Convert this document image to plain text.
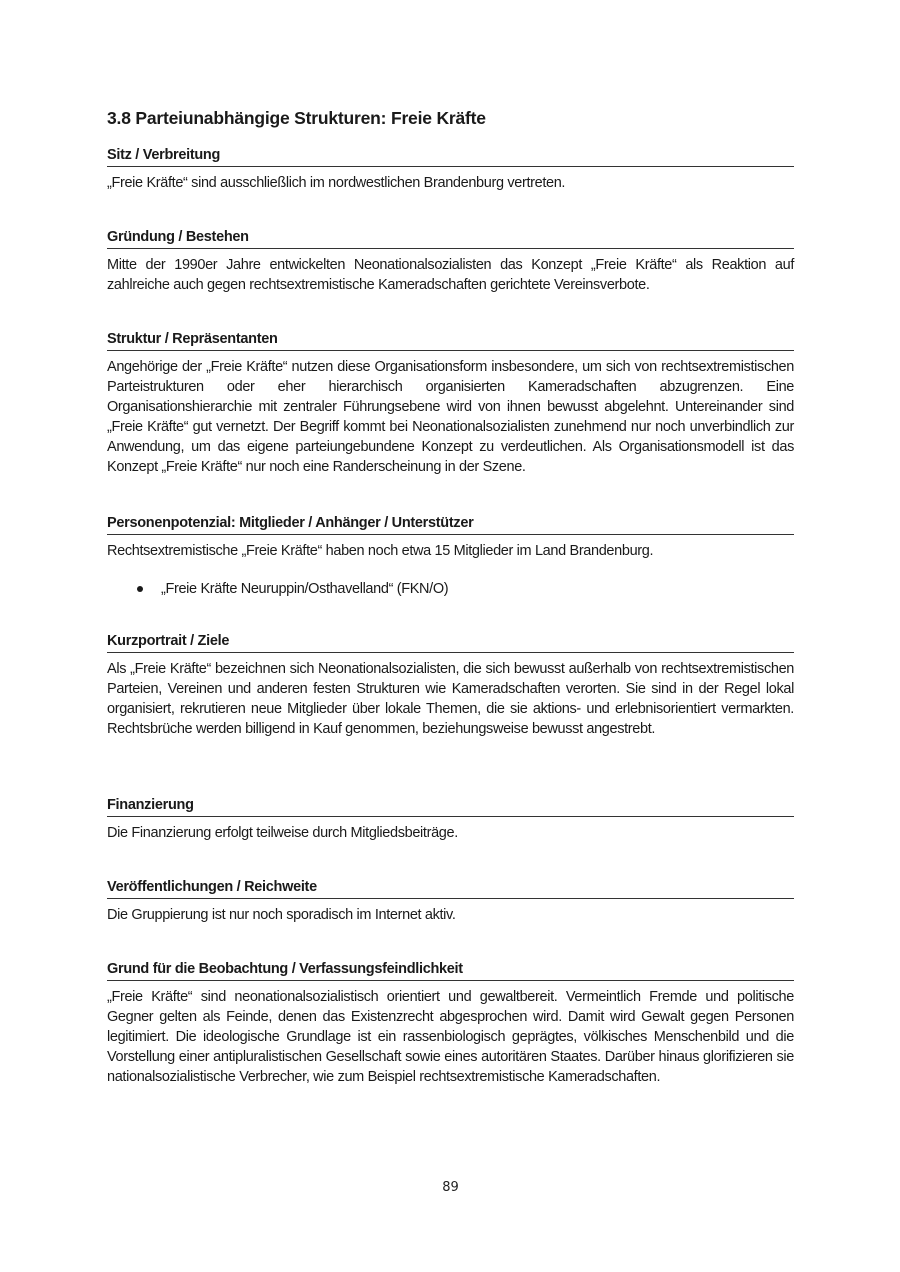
3.8 Parteiunabhängige Strukturen: Freie Kräfte
Sitz / Verbreitung

„Freie Kräfte“ sind ausschließlich im nordwestlichen Brandenburg vertreten.

Gründung / Bestehen

Mitte der 1990er Jahre entwickelten Neonationalsozialisten das Konzept „Freie Kräfte“ als Reaktion auf zahlreiche auch gegen rechtsextremistische Kameradschaften gerichtete Vereinsverbote.

Struktur / Repräsentanten

Angehörige der „Freie Kräfte“ nutzen diese Organisationsform insbesondere, um sich von rechtsextremistischen Parteistrukturen oder eher hierarchisch organisierten Kameradschaften abzugrenzen. Eine Organisationshierarchie mit zentraler Führungsebene wird von ihnen bewusst abgelehnt. Untereinander sind „Freie Kräfte“ gut vernetzt. Der Begriff kommt bei Neonationalsozialisten zunehmend nur noch unverbindlich zur Anwendung, um das eigene parteiungebundene Konzept zu verdeutlichen. Als Organisationsmodell ist das Konzept „Freie Kräfte“ nur noch eine Randerscheinung in der Szene.

Personenpotenzial: Mitglieder / Anhänger / Unterstützer

Rechtsextremistische „Freie Kräfte“ haben noch etwa 15 Mitglieder im Land Brandenburg.

„Freie Kräfte Neuruppin/Osthavelland“ (FKN/O)
Kurzportrait / Ziele

Als „Freie Kräfte“ bezeichnen sich Neonationalsozialisten, die sich bewusst außerhalb von rechtsextremistischen Parteien, Vereinen und anderen festen Strukturen wie Kameradschaften verorten. Sie sind in der Regel lokal organisiert, rekrutieren neue Mitglieder über lokale Themen, die sie aktions- und erlebnisorientiert vermarkten. Rechtsbrüche werden billigend in Kauf genommen, beziehungsweise bewusst angestrebt.

Finanzierung

Die Finanzierung erfolgt teilweise durch Mitgliedsbeiträge.

Veröffentlichungen / Reichweite

Die Gruppierung ist nur noch sporadisch im Internet aktiv.

Grund für die Beobachtung / Verfassungsfeindlichkeit

„Freie Kräfte“ sind neonationalsozialistisch orientiert und gewaltbereit. Vermeintlich Fremde und politische Gegner gelten als Feinde, denen das Existenzrecht abgesprochen wird. Damit wird Gewalt gegen Personen legitimiert. Die ideologische Grundlage ist ein rassenbiologisch geprägtes, völkisches Menschenbild und die Vorstellung einer antipluralistischen Gesellschaft sowie eines autoritären Staates. Darüber hinaus glorifizieren sie nationalsozialistische Verbrecher, wie zum Beispiel rechtsextremistische Kameradschaften.

89
